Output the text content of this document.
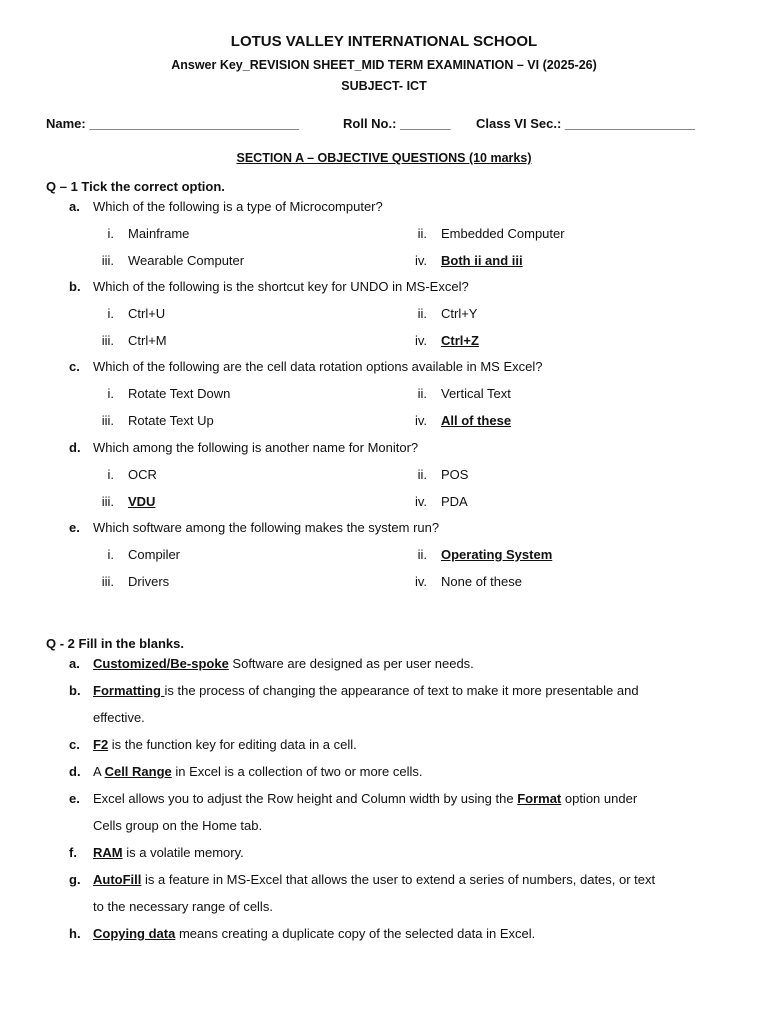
LOTUS VALLEY INTERNATIONAL SCHOOL
Answer Key_REVISION SHEET_MID TERM EXAMINATION – VI (2025-26)
SUBJECT- ICT
Name: _____________________________	Roll No.: _______ Class VI Sec.: __________________
SECTION A – OBJECTIVE QUESTIONS (10 marks)
Q – 1 Tick the correct option.
a. Which of the following is a type of Microcomputer?
i. Mainframe	ii. Embedded Computer
iii. Wearable Computer	iv. Both ii and iii
b. Which of the following is the shortcut key for UNDO in MS-Excel?
i. Ctrl+U	ii. Ctrl+Y
iii. Ctrl+M	iv. Ctrl+Z
c. Which of the following are the cell data rotation options available in MS Excel?
i. Rotate Text Down	ii. Vertical Text
iii. Rotate Text Up	iv. All of these
d. Which among the following is another name for Monitor?
i. OCR	ii. POS
iii. VDU	iv. PDA
e. Which software among the following makes the system run?
i. Compiler	ii. Operating System
iii. Drivers	iv. None of these
Q - 2 Fill in the blanks.
a. Customized/Be-spoke Software are designed as per user needs.
b. Formatting is the process of changing the appearance of text to make it more presentable and
effective.
c. F2 is the function key for editing data in a cell.
d. A Cell Range in Excel is a collection of two or more cells.
e. Excel allows you to adjust the Row height and Column width by using the Format option under
Cells group on the Home tab.
f. RAM is a volatile memory.
g. AutoFill is a feature in MS-Excel that allows the user to extend a series of numbers, dates, or text
to the necessary range of cells.
h. Copying data means creating a duplicate copy of the selected data in Excel.
